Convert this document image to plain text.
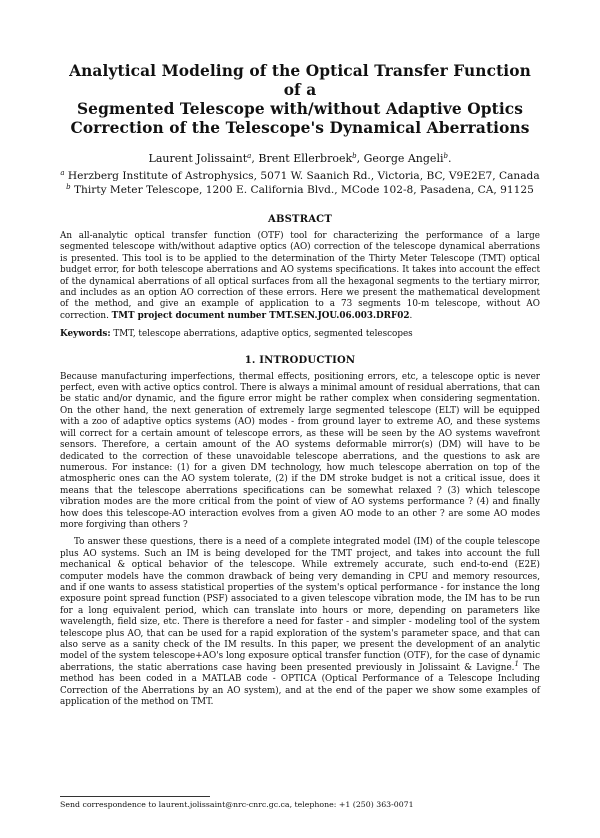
Analytical Modeling of the Optical Transfer Function of a
Segmented Telescope with/without Adaptive Optics
Correction of the Telescope's Dynamical Aberrations
Laurent Jolissaint$^a$, Brent Ellerbroek$^b$, George Angeli$^b$.
$^a$ Herzberg Institute of Astrophysics, 5071 W. Saanich Rd., Victoria, BC, V9E2E7, Canada
$^b$ Thirty Meter Telescope, 1200 E. California Blvd., MCode 102-8, Pasadena, CA, 91125
ABSTRACT

An all-analytic optical transfer function (OTF) tool for characterizing the performance of a large segmented telescope with/without adaptive optics (AO) correction of the telescope dynamical aberrations is presented. This tool is to be applied to the determination of the Thirty Meter Telescope (TMT) optical budget error, for both telescope aberrations and AO systems specifications. It takes into account the effect of the dynamical aberrations of all optical surfaces from all the hexagonal segments to the tertiary mirror, and includes as an option AO correction of these errors. Here we present the mathematical development of the method, and give an example of application to a 73 segments 10-m telescope, without AO correction. TMT project document number TMT.SEN.JOU.06.003.DRF02.

Keywords: TMT, telescope aberrations, adaptive optics, segmented telescopes

1. INTRODUCTION

Because manufacturing imperfections, thermal effects, positioning errors, etc, a telescope optic is never perfect, even with active optics control. There is always a minimal amount of residual aberrations, that can be static and/or dynamic, and the figure error might be rather complex when considering segmentation. On the other hand, the next generation of extremely large segmented telescope (ELT) will be equipped with a zoo of adaptive optics systems (AO) modes - from ground layer to extreme AO, and these systems will correct for a certain amount of telescope errors, as these will be seen by the AO systems wavefront sensors. Therefore, a certain amount of the AO systems deformable mirror(s) (DM) will have to be dedicated to the correction of these unavoidable telescope aberrations, and the questions to ask are numerous. For instance: (1) for a given DM technology, how much telescope aberration on top of the atmospheric ones can the AO system tolerate, (2) if the DM stroke budget is not a critical issue, does it means that the telescope aberrations specifications can be somewhat relaxed ? (3) which telescope vibration modes are the more critical from the point of view of AO systems performance ? (4) and finally how does this telescope-AO interaction evolves from a given AO mode to an other ? are some AO modes more forgiving than others ?

To answer these questions, there is a need of a complete integrated model (IM) of the couple telescope plus AO systems. Such an IM is being developed for the TMT project, and takes into account the full mechanical & optical behavior of the telescope. While extremely accurate, such end-to-end (E2E) computer models have the common drawback of being very demanding in CPU and memory resources, and if one wants to assess statistical properties of the system's optical performance - for instance the long exposure point spread function (PSF) associated to a given telescope vibration mode, the IM has to be run for a long equivalent period, which can translate into hours or more, depending on parameters like wavelength, field size, etc. There is therefore a need for faster - and simpler - modeling tool of the system telescope plus AO, that can be used for a rapid exploration of the system's parameter space, and that can also serve as a sanity check of the IM results. In this paper, we present the development of an analytic model of the system telescope+AO's long exposure optical transfer function (OTF), for the case of dynamic aberrations, the static aberrations case having been presented previously in Jolissaint & Lavigne.$^1$ The method has been coded in a MATLAB code - OPTICA (Optical Performance of a Telescope Including Correction of the Aberrations by an AO system), and at the end of the paper we show some examples of application of the method on TMT.

Send correspondence to laurent.jolissaint@nrc-cnrc.gc.ca, telephone: +1 (250) 363-0071
